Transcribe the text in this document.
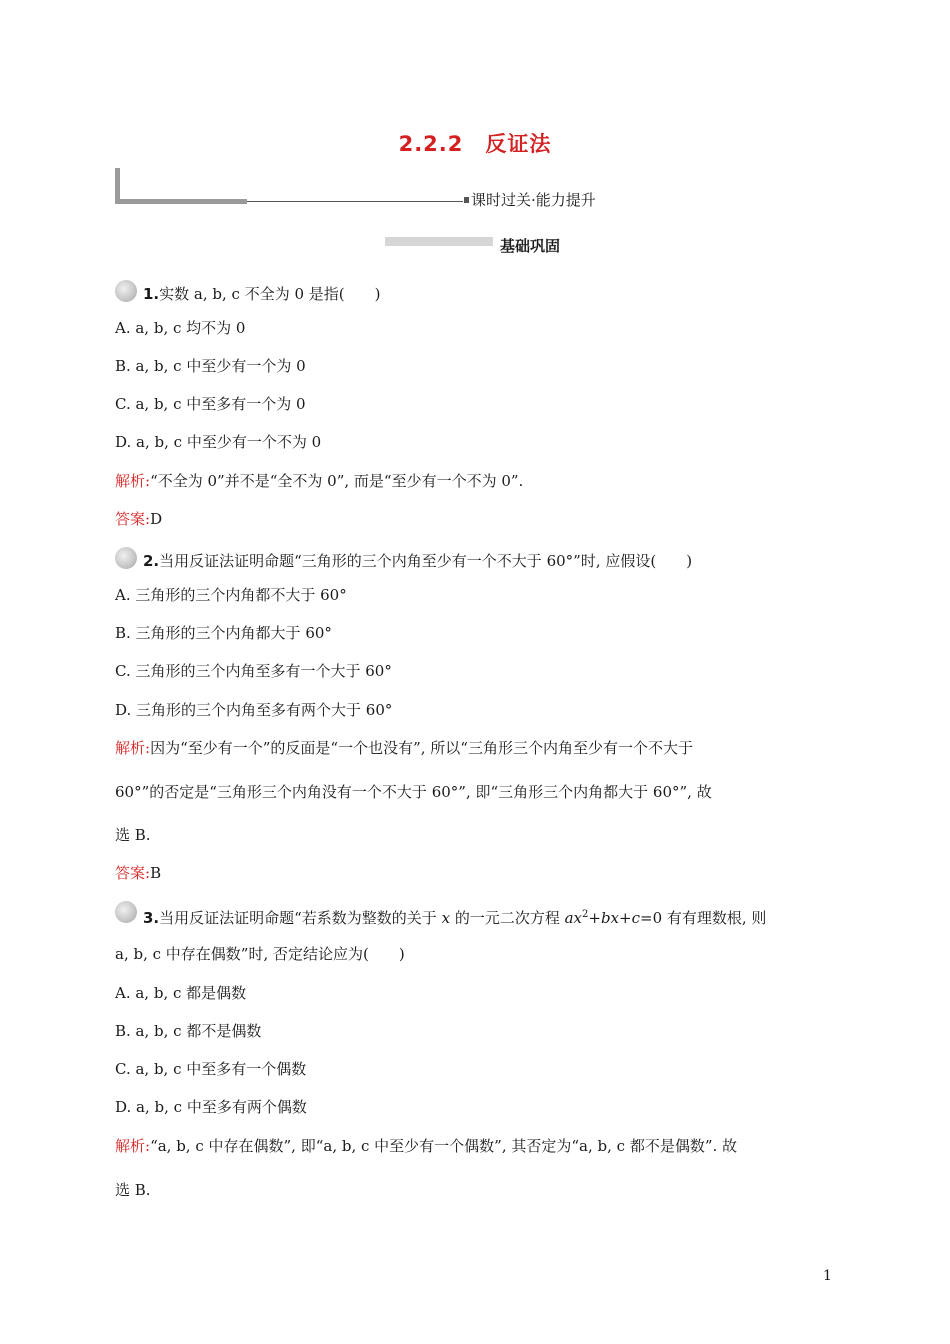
2.2.2 反证法
课时过关·能力提升
基础巩固
1.实数 a, b, c 不全为 0 是指(　　)
A. a, b, c 均不为 0
B. a, b, c 中至少有一个为 0
C. a, b, c 中至多有一个为 0
D. a, b, c 中至少有一个不为 0
解析:“不全为 0”并不是“全不为 0”, 而是“至少有一个不为 0”.
答案:D
2.当用反证法证明命题“三角形的三个内角至少有一个不大于 60°”时, 应假设(　　)
A. 三角形的三个内角都不大于 60°
B. 三角形的三个内角都大于 60°
C. 三角形的三个内角至多有一个大于 60°
D. 三角形的三个内角至多有两个大于 60°
解析:因为“至少有一个”的反面是“一个也没有”, 所以“三角形三个内角至少有一个不大于
60°”的否定是“三角形三个内角没有一个不大于 60°”, 即“三角形三个内角都大于 60°”, 故
选 B.
答案:B
3.当用反证法证明命题“若系数为整数的关于 x 的一元二次方程 $ax^2+bx+c=0$ 有有理数根, 则
a, b, c 中存在偶数”时, 否定结论应为(　　)
A. a, b, c 都是偶数
B. a, b, c 都不是偶数
C. a, b, c 中至多有一个偶数
D. a, b, c 中至多有两个偶数
解析:“a, b, c 中存在偶数”, 即“a, b, c 中至少有一个偶数”, 其否定为“a, b, c 都不是偶数”. 故
选 B.
1
